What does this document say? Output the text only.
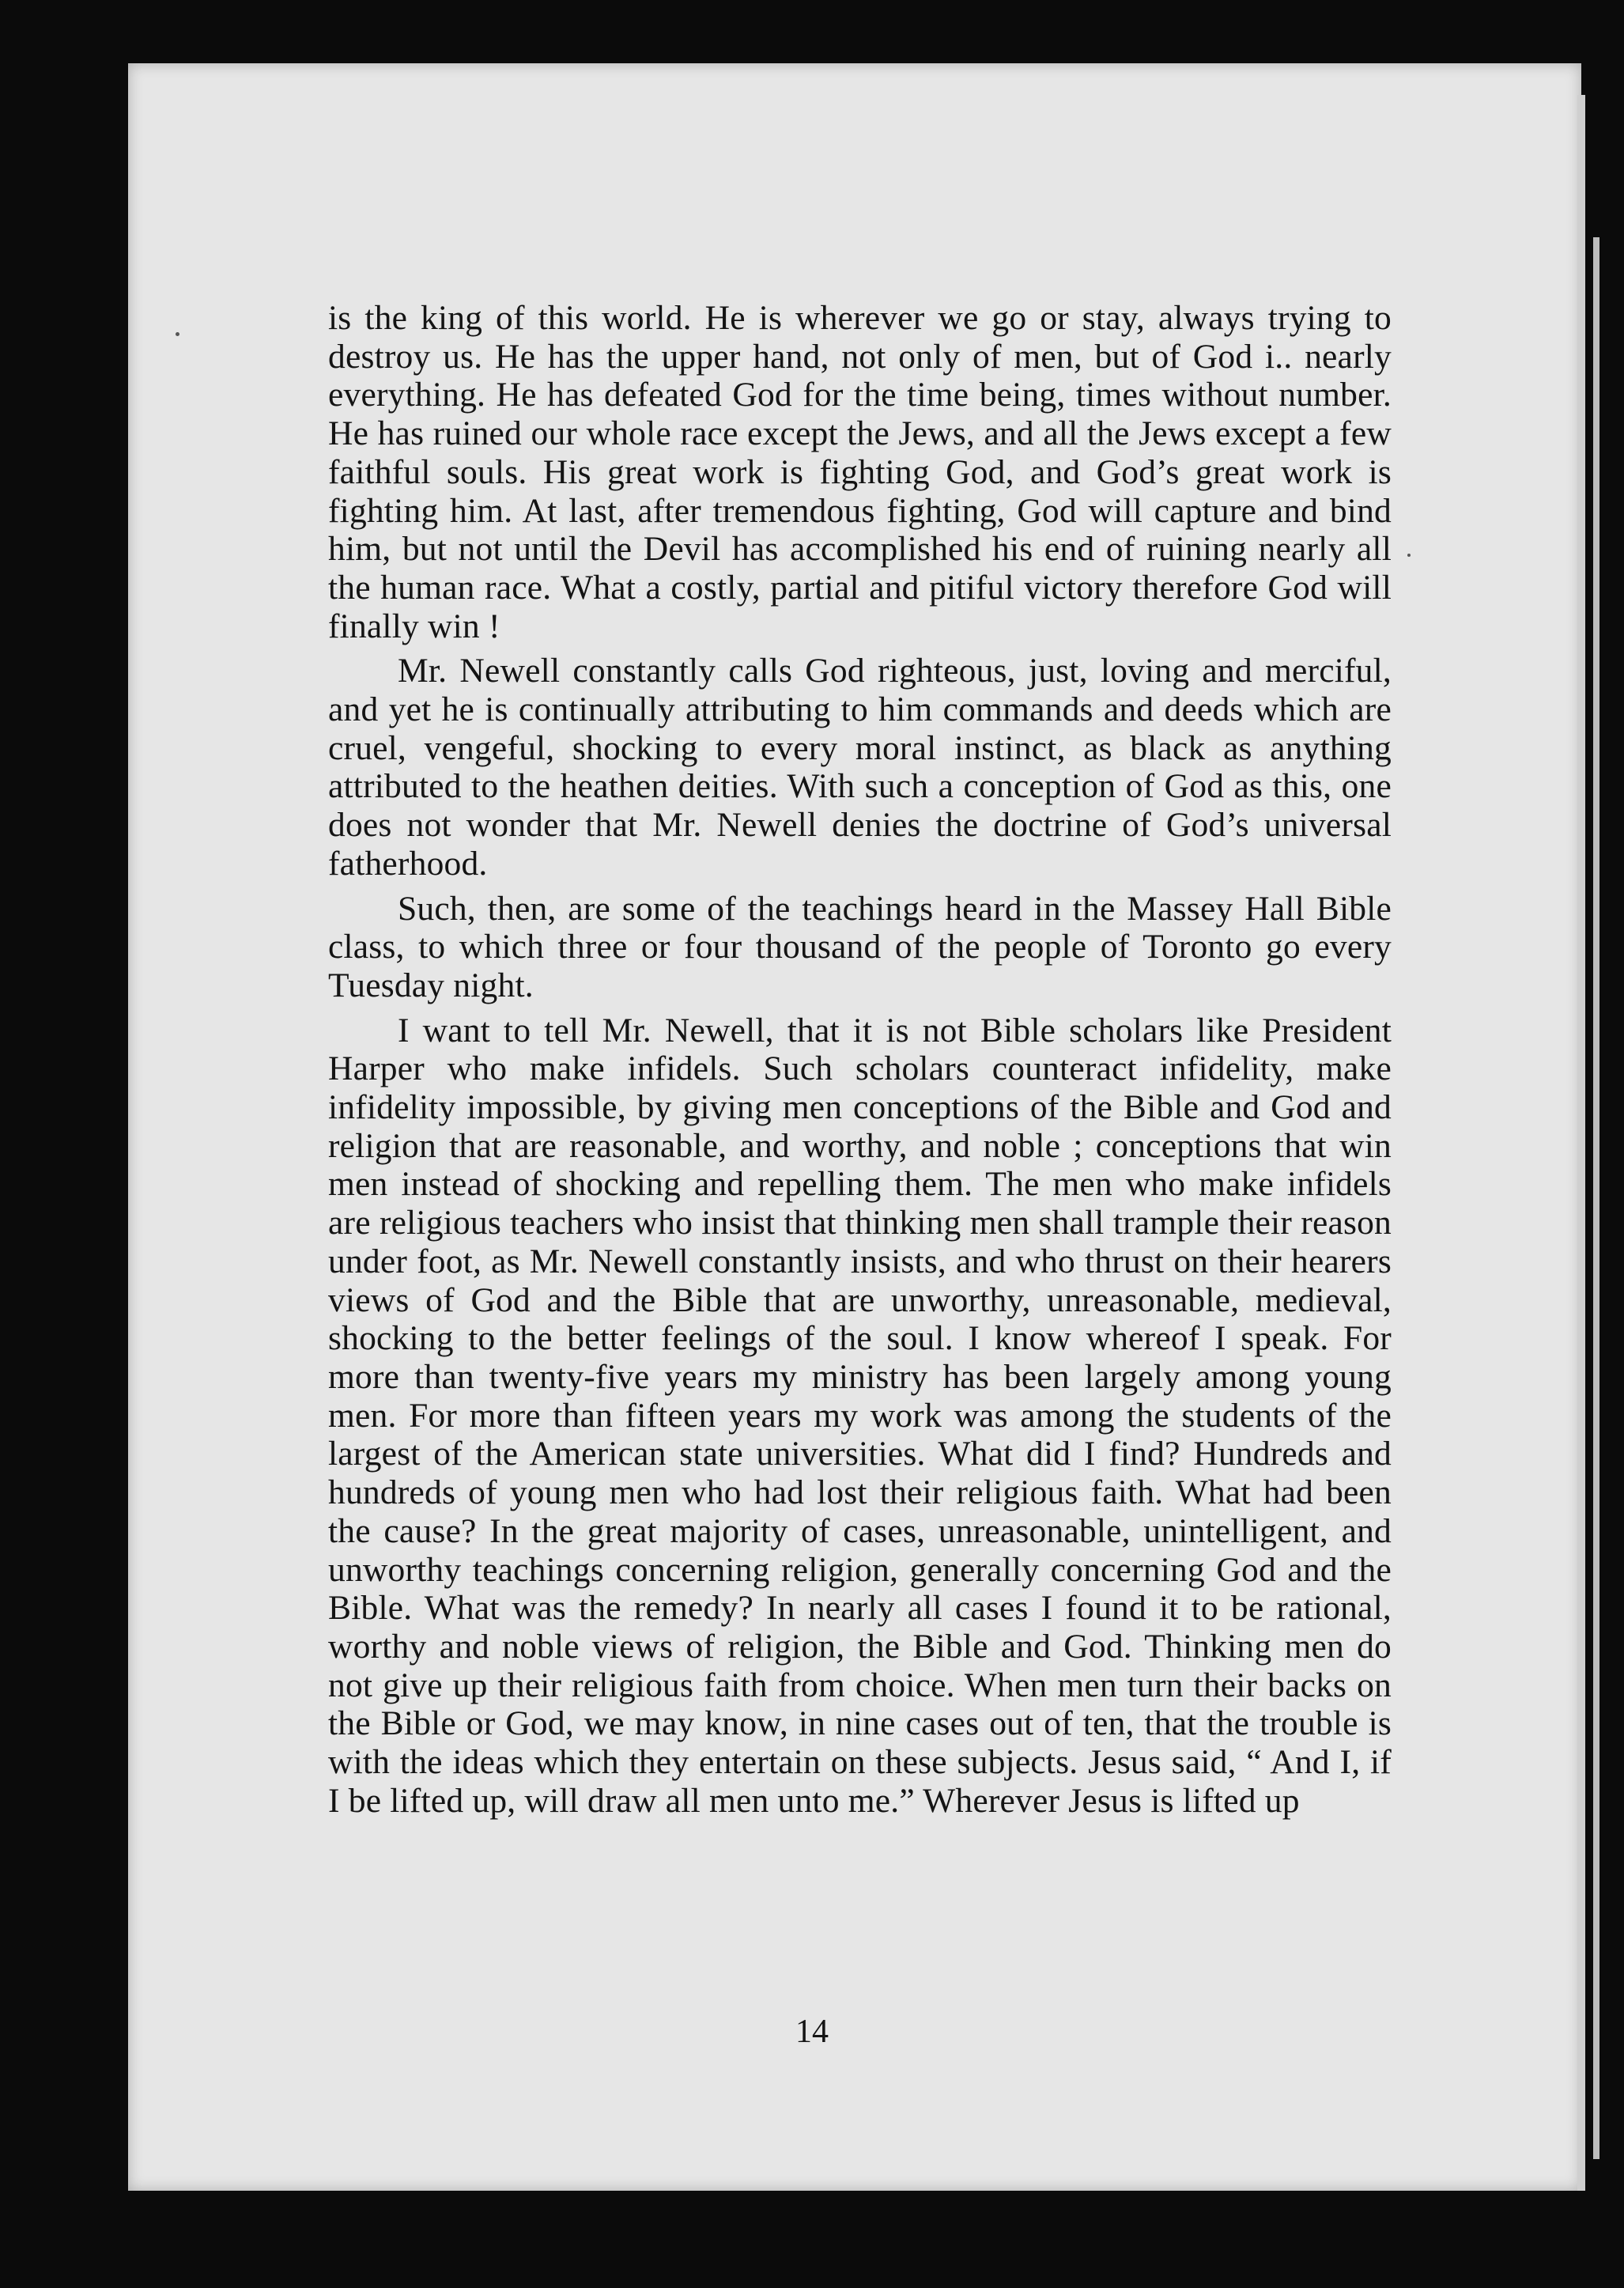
is the king of this world. He is wherever we go or stay, always trying to destroy us. He has the upper hand, not only of men, but of God i.. nearly everything. He has defeated God for the time being, times without number. He has ruined our whole race except the Jews, and all the Jews except a few faithful souls. His great work is fighting God, and God’s great work is fighting him. At last, after tremendous fighting, God will capture and bind him, but not until the Devil has accomplished his end of ruining nearly all the human race. What a costly, partial and pitiful victory therefore God will finally win !

Mr. Newell constantly calls God righteous, just, loving and merciful, and yet he is continually attributing to him commands and deeds which are cruel, vengeful, shocking to every moral instinct, as black as anything attributed to the heathen deities. With such a conception of God as this, one does not wonder that Mr. Newell denies the doctrine of God’s universal fatherhood.

Such, then, are some of the teachings heard in the Massey Hall Bible class, to which three or four thousand of the people of Toronto go every Tuesday night.

I want to tell Mr. Newell, that it is not Bible scholars like President Harper who make infidels. Such scholars counteract infidelity, make infidelity impossible, by giving men conceptions of the Bible and God and religion that are reasonable, and worthy, and noble ; conceptions that win men instead of shocking and repelling them. The men who make infidels are religious teachers who insist that thinking men shall trample their reason under foot, as Mr. Newell constantly insists, and who thrust on their hearers views of God and the Bible that are unworthy, unreasonable, medieval, shocking to the better feelings of the soul. I know whereof I speak. For more than twenty-five years my ministry has been largely among young men. For more than fifteen years my work was among the students of the largest of the American state universities. What did I find? Hundreds and hundreds of young men who had lost their religious faith. What had been the cause? In the great majority of cases, unreasonable, unintelligent, and unworthy teachings concerning religion, generally concerning God and the Bible. What was the remedy? In nearly all cases I found it to be rational, worthy and noble views of religion, the Bible and God. Thinking men do not give up their religious faith from choice. When men turn their backs on the Bible or God, we may know, in nine cases out of ten, that the trouble is with the ideas which they entertain on these subjects. Jesus said, “ And I, if I be lifted up, will draw all men unto me.” Wherever Jesus is lifted up

14
